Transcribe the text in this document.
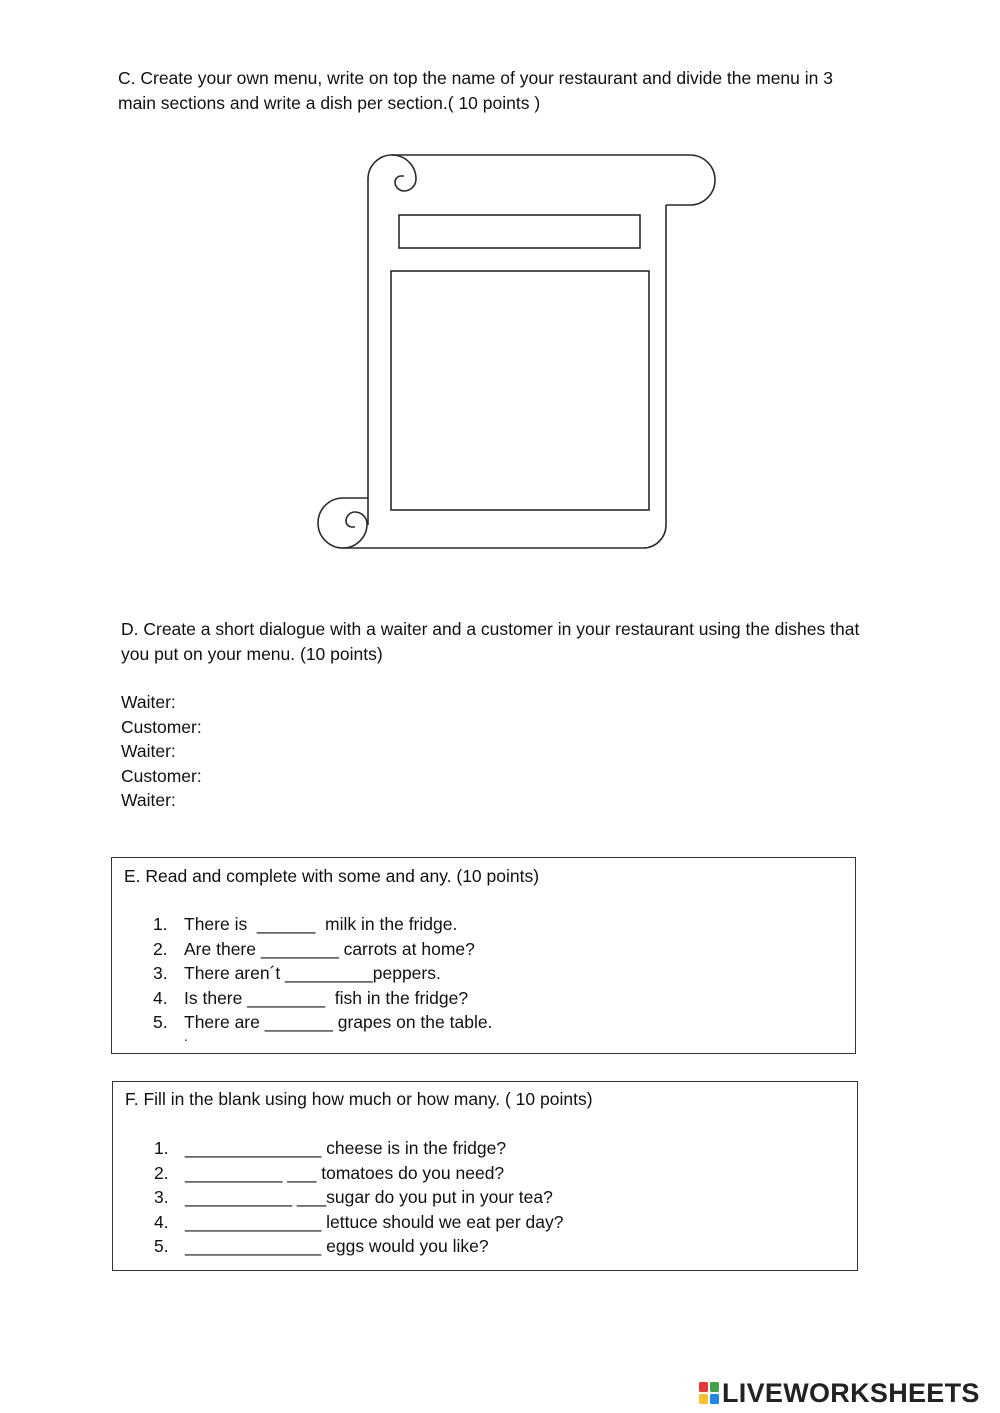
C. Create your own menu, write on top the name of your restaurant and divide the menu in 3
main sections and write a dish per section.( 10 points )
D. Create a short dialogue with a waiter and a customer in your restaurant using the dishes that
you put on your menu. (10 points)
Waiter:
Customer:
Waiter:
Customer:
Waiter:
E. Read and complete with some and any. (10 points)
1. There is  ______  milk in the fridge.
2. Are there ________ carrots at home?
3. There aren´t _________peppers.
4. Is there ________  fish in the fridge?
5. There are _______ grapes on the table.
.
F. Fill in the blank using how much or how many. ( 10 points)
1. ______________ cheese is in the fridge?
2. __________ ___ tomatoes do you need?
3. ___________ ___sugar do you put in your tea?
4. ______________ lettuce should we eat per day?
5. ______________ eggs would you like?
LIVEWORKSHEETS
